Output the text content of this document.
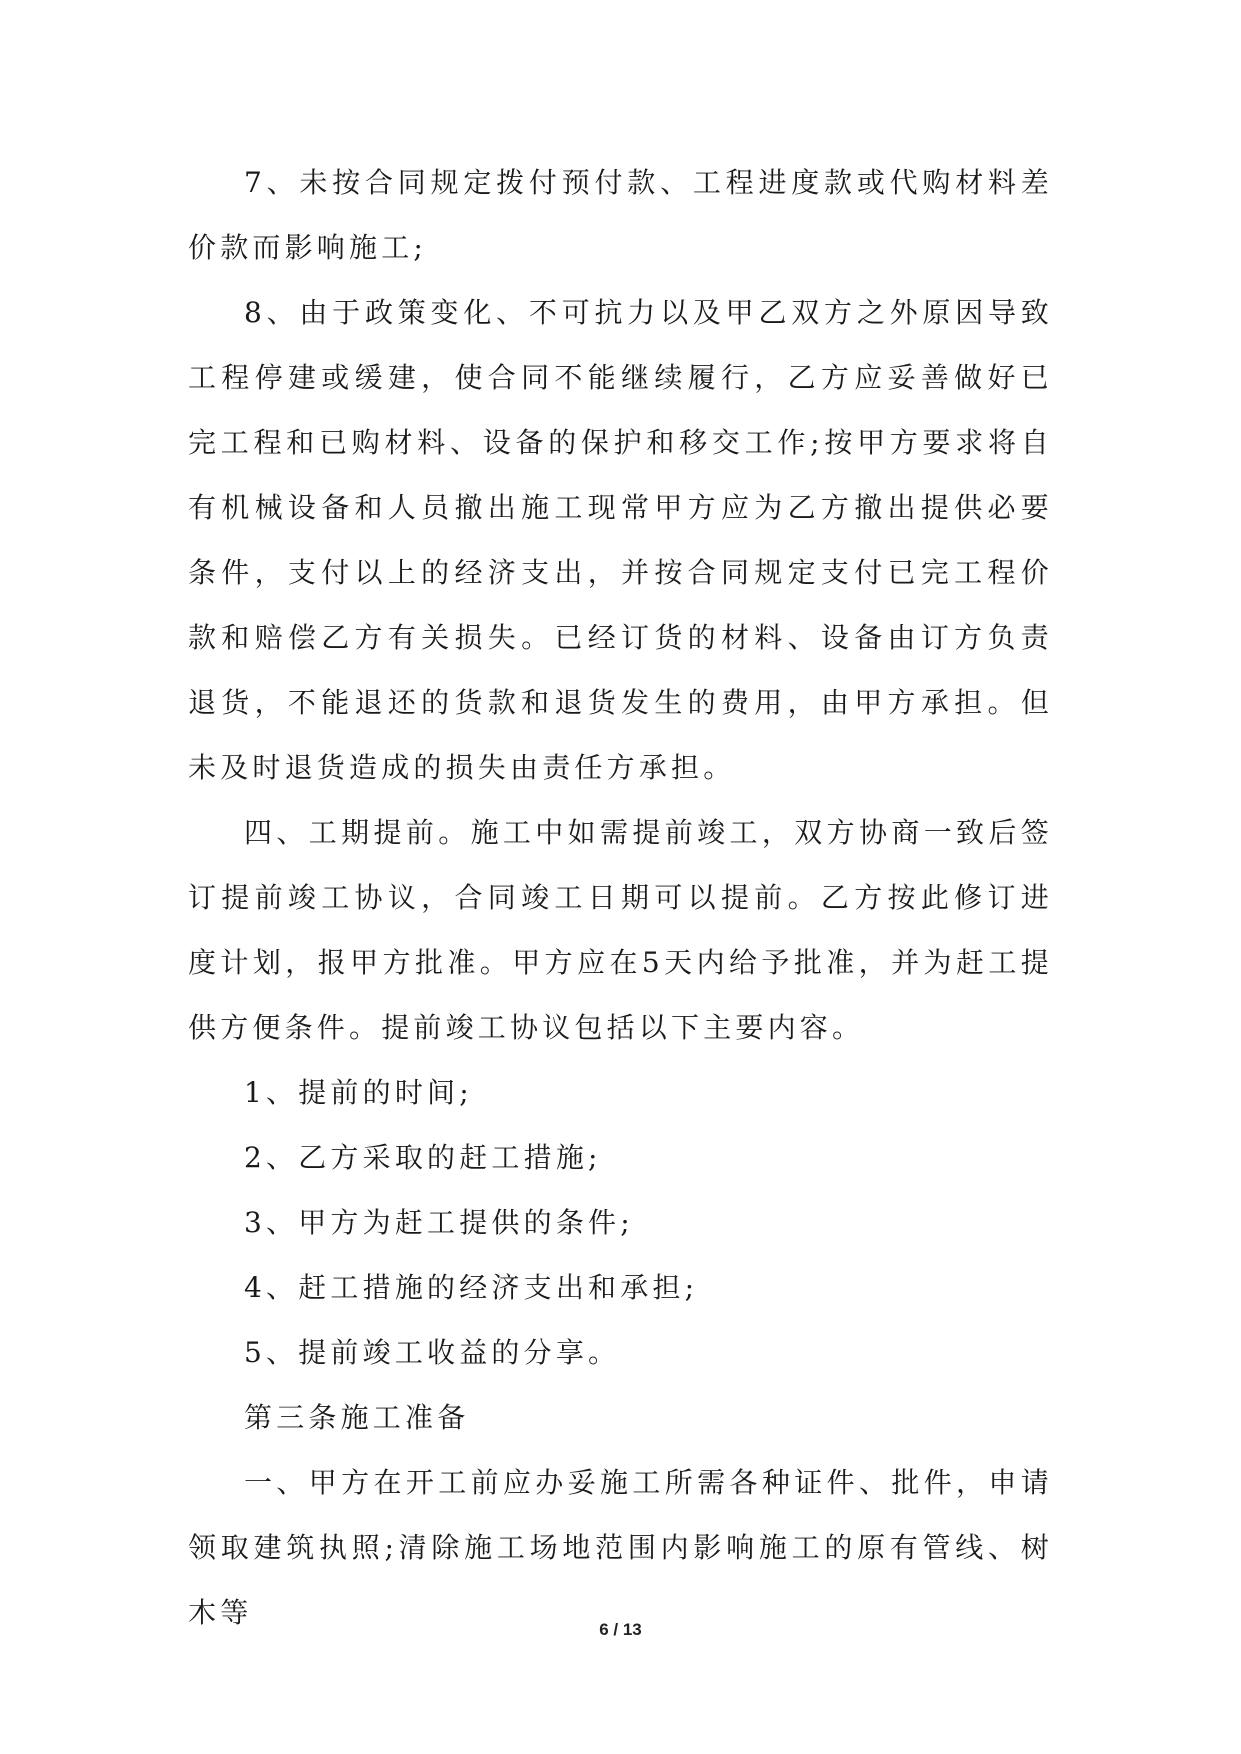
7、未按合同规定拨付预付款、工程进度款或代购材料差价款而影响施工;

8、由于政策变化、不可抗力以及甲乙双方之外原因导致工程停建或缓建，使合同不能继续履行，乙方应妥善做好已完工程和已购材料、设备的保护和移交工作;按甲方要求将自有机械设备和人员撤出施工现常甲方应为乙方撤出提供必要条件，支付以上的经济支出，并按合同规定支付已完工程价款和赔偿乙方有关损失。已经订货的材料、设备由订方负责退货，不能退还的货款和退货发生的费用，由甲方承担。但未及时退货造成的损失由责任方承担。

四、工期提前。施工中如需提前竣工，双方协商一致后签订提前竣工协议，合同竣工日期可以提前。乙方按此修订进度计划，报甲方批准。甲方应在5天内给予批准，并为赶工提供方便条件。提前竣工协议包括以下主要内容。

1、提前的时间;

2、乙方采取的赶工措施;

3、甲方为赶工提供的条件;

4、赶工措施的经济支出和承担;

5、提前竣工收益的分享。

第三条施工准备

一、甲方在开工前应办妥施工所需各种证件、批件，申请领取建筑执照;清除施工场地范围内影响施工的原有管线、树木等

6 / 13
